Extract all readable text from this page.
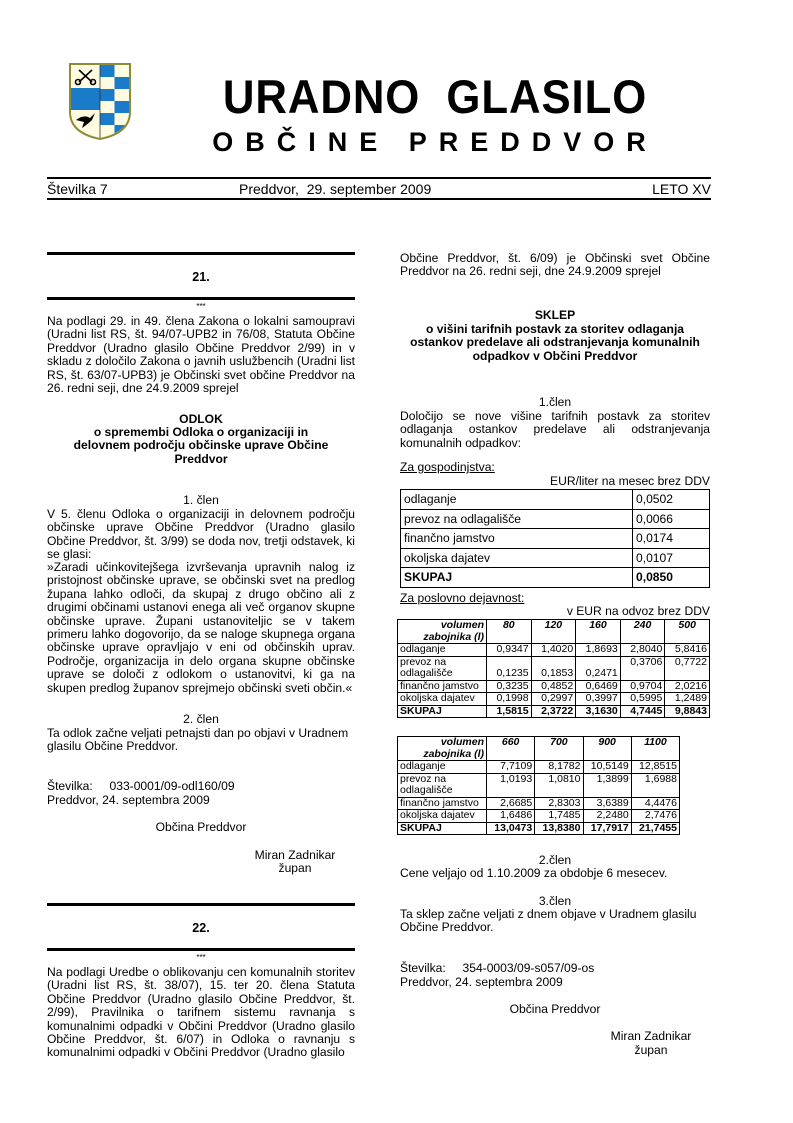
URADNO  GLASILO
OBČINE PREDDVOR
Številka 7	Preddvor,  29. september 2009	LETO XV
21.
***
Na podlagi 29. in 49. člena Zakona o lokalni samoupravi (Uradni list RS, št. 94/07-UPB2 in 76/08, Statuta Občine Preddvor (Uradno glasilo Občine Preddvor 2/99) in v skladu z določilo Zakona o javnih uslužbencih (Uradni list RS, št. 63/07-UPB3) je Občinski svet občine Preddvor na 26. redni seji, dne 24.9.2009 sprejel
ODLOK
o spremembi Odloka o organizaciji in delovnem področju občinske uprave Občine Preddvor
1. člen
V 5. členu Odloka o organizaciji in delovnem področju občinske uprave Občine Preddvor (Uradno glasilo Občine Preddvor, št. 3/99) se doda nov, tretji odstavek, ki se glasi:
»Zaradi učinkovitejšega izvrševanja upravnih nalog iz pristojnost občinske uprave, se občinski svet na predlog župana lahko odloči, da skupaj z drugo občino ali z drugimi občinami ustanovi enega ali več organov skupne občinske uprave. Župani ustanoviteljic se v takem primeru lahko dogovorijo, da se naloge skupnega organa občinske uprave opravljajo v eni od občinskih uprav. Področje, organizacija in delo organa skupne občinske uprave se določi z odlokom o ustanovitvi, ki ga na skupen predlog županov sprejmejo občinski sveti občin.«
2. člen
Ta odlok začne veljati petnajsti dan po objavi v Uradnem glasilu Občine Preddvor.
Številka:     033-0001/09-odl160/09
Preddvor, 24. septembra 2009
Občina Preddvor
Miran Zadnikar
župan
22.
***
Na podlagi Uredbe o oblikovanju cen komunalnih storitev (Uradni list RS, št. 38/07), 15. ter 20. člena Statuta Občine Preddvor (Uradno glasilo Občine Preddvor, št. 2/99), Pravilnika o tarifnem sistemu ravnanja s komunalnimi odpadki v Občini Preddvor (Uradno glasilo Občine Preddvor, št. 6/07) in Odloka o ravnanju s komunalnimi odpadki v Občini Preddvor (Uradno glasilo
Občine Preddvor, št. 6/09) je Občinski svet Občine Preddvor na 26. redni seji, dne 24.9.2009 sprejel
SKLEP
o višini tarifnih postavk za storitev odlaganja ostankov predelave ali odstranjevanja komunalnih odpadkov v Občini Preddvor
1.člen
Določijo se nove višine tarifnih postavk za storitev odlaganja ostankov predelave ali odstranjevanja komunalnih odpadkov:
Za gospodinjstva:
EUR/liter na mesec brez DDV
odlaganje	0,0502
prevoz na odlagališče	0,0066
finančno jamstvo	0,0174
okoljska dajatev	0,0107
SKUPAJ	0,0850
Za poslovno dejavnost:
v EUR na odvoz brez DDV
volumen
zabojnika (l)	80	120	160	240	500
odlaganje	0,9347	1,4020	1,8693	2,8040	5,8416
prevoz na
odlagališče	0,1235	0,1853	0,2471	0,3706	0,7722
finančno jamstvo	0,3235	0,4852	0,6469	0,9704	2,0216
okoljska dajatev	0,1998	0,2997	0,3997	0,5995	1,2489
SKUPAJ	1,5815	2,3722	3,1630	4,7445	9,8843
volumen
zabojnika (l)	660	700	900	1100
odlaganje	7,7109	8,1782	10,5149	12,8515
prevoz na
odlagališče	1,0193	1,0810	1,3899	1,6988
finančno jamstvo	2,6685	2,8303	3,6389	4,4476
okoljska dajatev	1,6486	1,7485	2,2480	2,7476
SKUPAJ	13,0473	13,8380	17,7917	21,7455
2.člen
Cene veljajo od 1.10.2009 za obdobje 6 mesecev.
3.člen
Ta sklep začne veljati z dnem objave v Uradnem glasilu Občine Preddvor.
Številka:     354-0003/09-s057/09-os
Preddvor, 24. septembra 2009
Občina Preddvor
Miran Zadnikar
župan
